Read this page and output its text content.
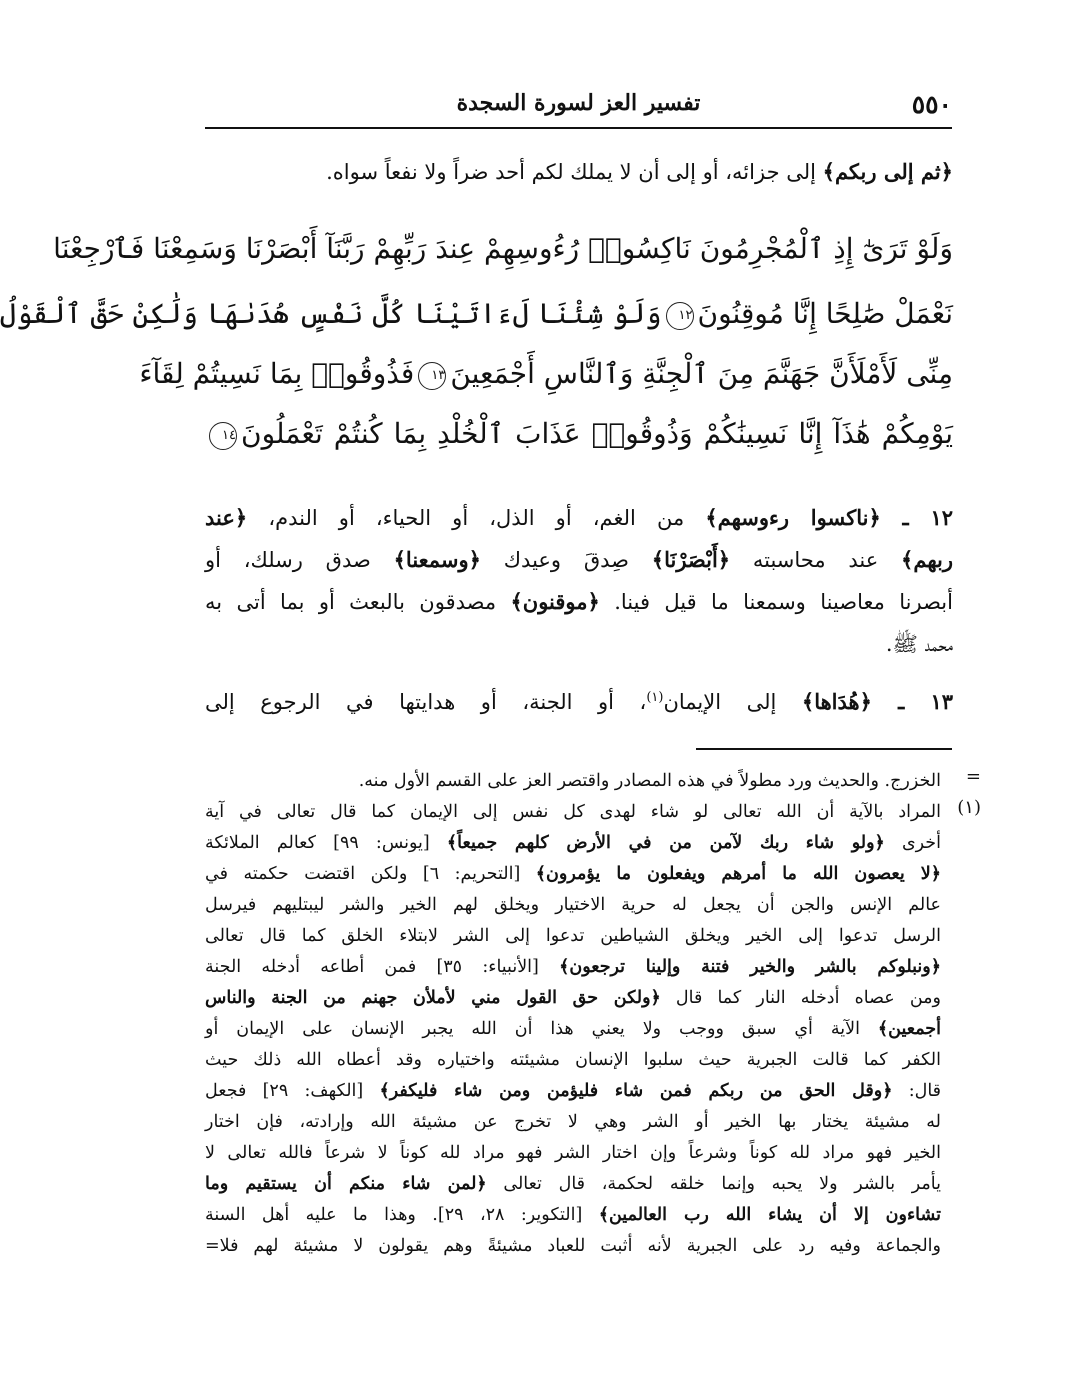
٥٥٠
تفسير العز لسورة السجدة
﴿ثم إلى ربكم﴾ إلى جزائه، أو إلى أن لا يملك لكم أحد ضراً ولا نفعاً سواه.
وَلَوْ تَرَىٰٓ إِذِ ٱلْمُجْرِمُونَ نَاكِسُوا۟ رُءُوسِهِمْ عِندَ رَبِّهِمْ رَبَّنَآ أَبْصَرْنَا وَسَمِعْنَا فَٱرْجِعْنَا
نَعْمَلْ صَٰلِحًا إِنَّا مُوقِنُونَ١٢وَلَوْ شِئْنَا لَءَاتَيْنَا كُلَّ نَفْسٍ هُدَىٰهَا وَلَٰكِنْ حَقَّ ٱلْقَوْلُ
مِنِّى لَأَمْلَأَنَّ جَهَنَّمَ مِنَ ٱلْجِنَّةِ وَٱلنَّاسِ أَجْمَعِينَ١٣فَذُوقُوا۟ بِمَا نَسِيتُمْ لِقَآءَ
يَوْمِكُمْ هَٰذَآ إِنَّا نَسِينَٰكُمْ وَذُوقُوا۟ عَذَابَ ٱلْخُلْدِ بِمَا كُنتُمْ تَعْمَلُونَ١٤
١٢ ـ ﴿ناكسوا رءوسهم﴾ من الغم، أو الذل، أو الحياء، أو الندم، ﴿عند
ربهم﴾ عند محاسبته ﴿أَبْصَرْنَا﴾ صِدقَ وعيدك ﴿وسمعنا﴾ صدق رسلك، أو
أبصرنا معاصينا وسمعنا ما قيل فينا. ﴿موقنون﴾ مصدقون بالبعث أو بما أتى به
محمد ﷺ.
١٣ ـ ﴿هُدَاها﴾ إلى الإيمان$^{(١)}$، أو الجنة، أو هدايتها في الرجوع إلى
=
الخزرج. والحديث ورد مطولاً في هذه المصادر واقتصر العز على القسم الأول منه.
(١)
المراد بالآية أن الله تعالى لو شاء لهدى كل نفس إلى الإيمان كما قال تعالى في آية
أخرى ﴿ولو شاء ربك لآمن من في الأرض كلهم جميعاً﴾ [يونس: ٩٩] كعالم الملائكة
﴿لا يعصون الله ما أمرهم ويفعلون ما يؤمرون﴾ [التحريم: ٦] ولكن اقتضت حكمته في
عالم الإنس والجن أن يجعل له حرية الاختيار ويخلق لهم الخير والشر ليبتليهم فيرسل
الرسل تدعوا إلى الخير ويخلق الشياطين تدعوا إلى الشر لابتلاء الخلق كما قال تعالى
﴿ونبلوكم بالشر والخير فتنة وإلينا ترجعون﴾ [الأنبياء: ٣٥] فمن أطاعه أدخله الجنة
ومن عصاه أدخله النار كما قال ﴿ولكن حق القول مني لأملأن جهنم من الجنة والناس
أجمعين﴾ الآية أي سبق ووجب ولا يعني هذا أن الله يجبر الإنسان على الإيمان أو
الكفر كما قالت الجبرية حيث سلبوا الإنسان مشيئته واختياره وقد أعطاه الله ذلك حيث
قال: ﴿وقل الحق من ربكم فمن شاء فليؤمن ومن شاء فليكفر﴾ [الكهف: ٢٩] فجعل
له مشيئة يختار بها الخير أو الشر وهي لا تخرج عن مشيئة الله وإرادته، فإن اختار
الخير فهو مراد لله كوناً وشرعاً وإن اختار الشر فهو مراد لله كوناً لا شرعاً فالله تعالى لا
يأمر بالشر ولا يحبه وإنما خلقه لحكمة، قال تعالى ﴿لمن شاء منكم أن يستقيم وما
تشاءون إلا أن يشاء الله رب العالمين﴾ [التكوير: ٢٨، ٢٩]. وهذا ما عليه أهل السنة
والجماعة وفيه رد على الجبرية لأنه أثبت للعباد مشيئةً وهم يقولون لا مشيئة لهم فلا=
